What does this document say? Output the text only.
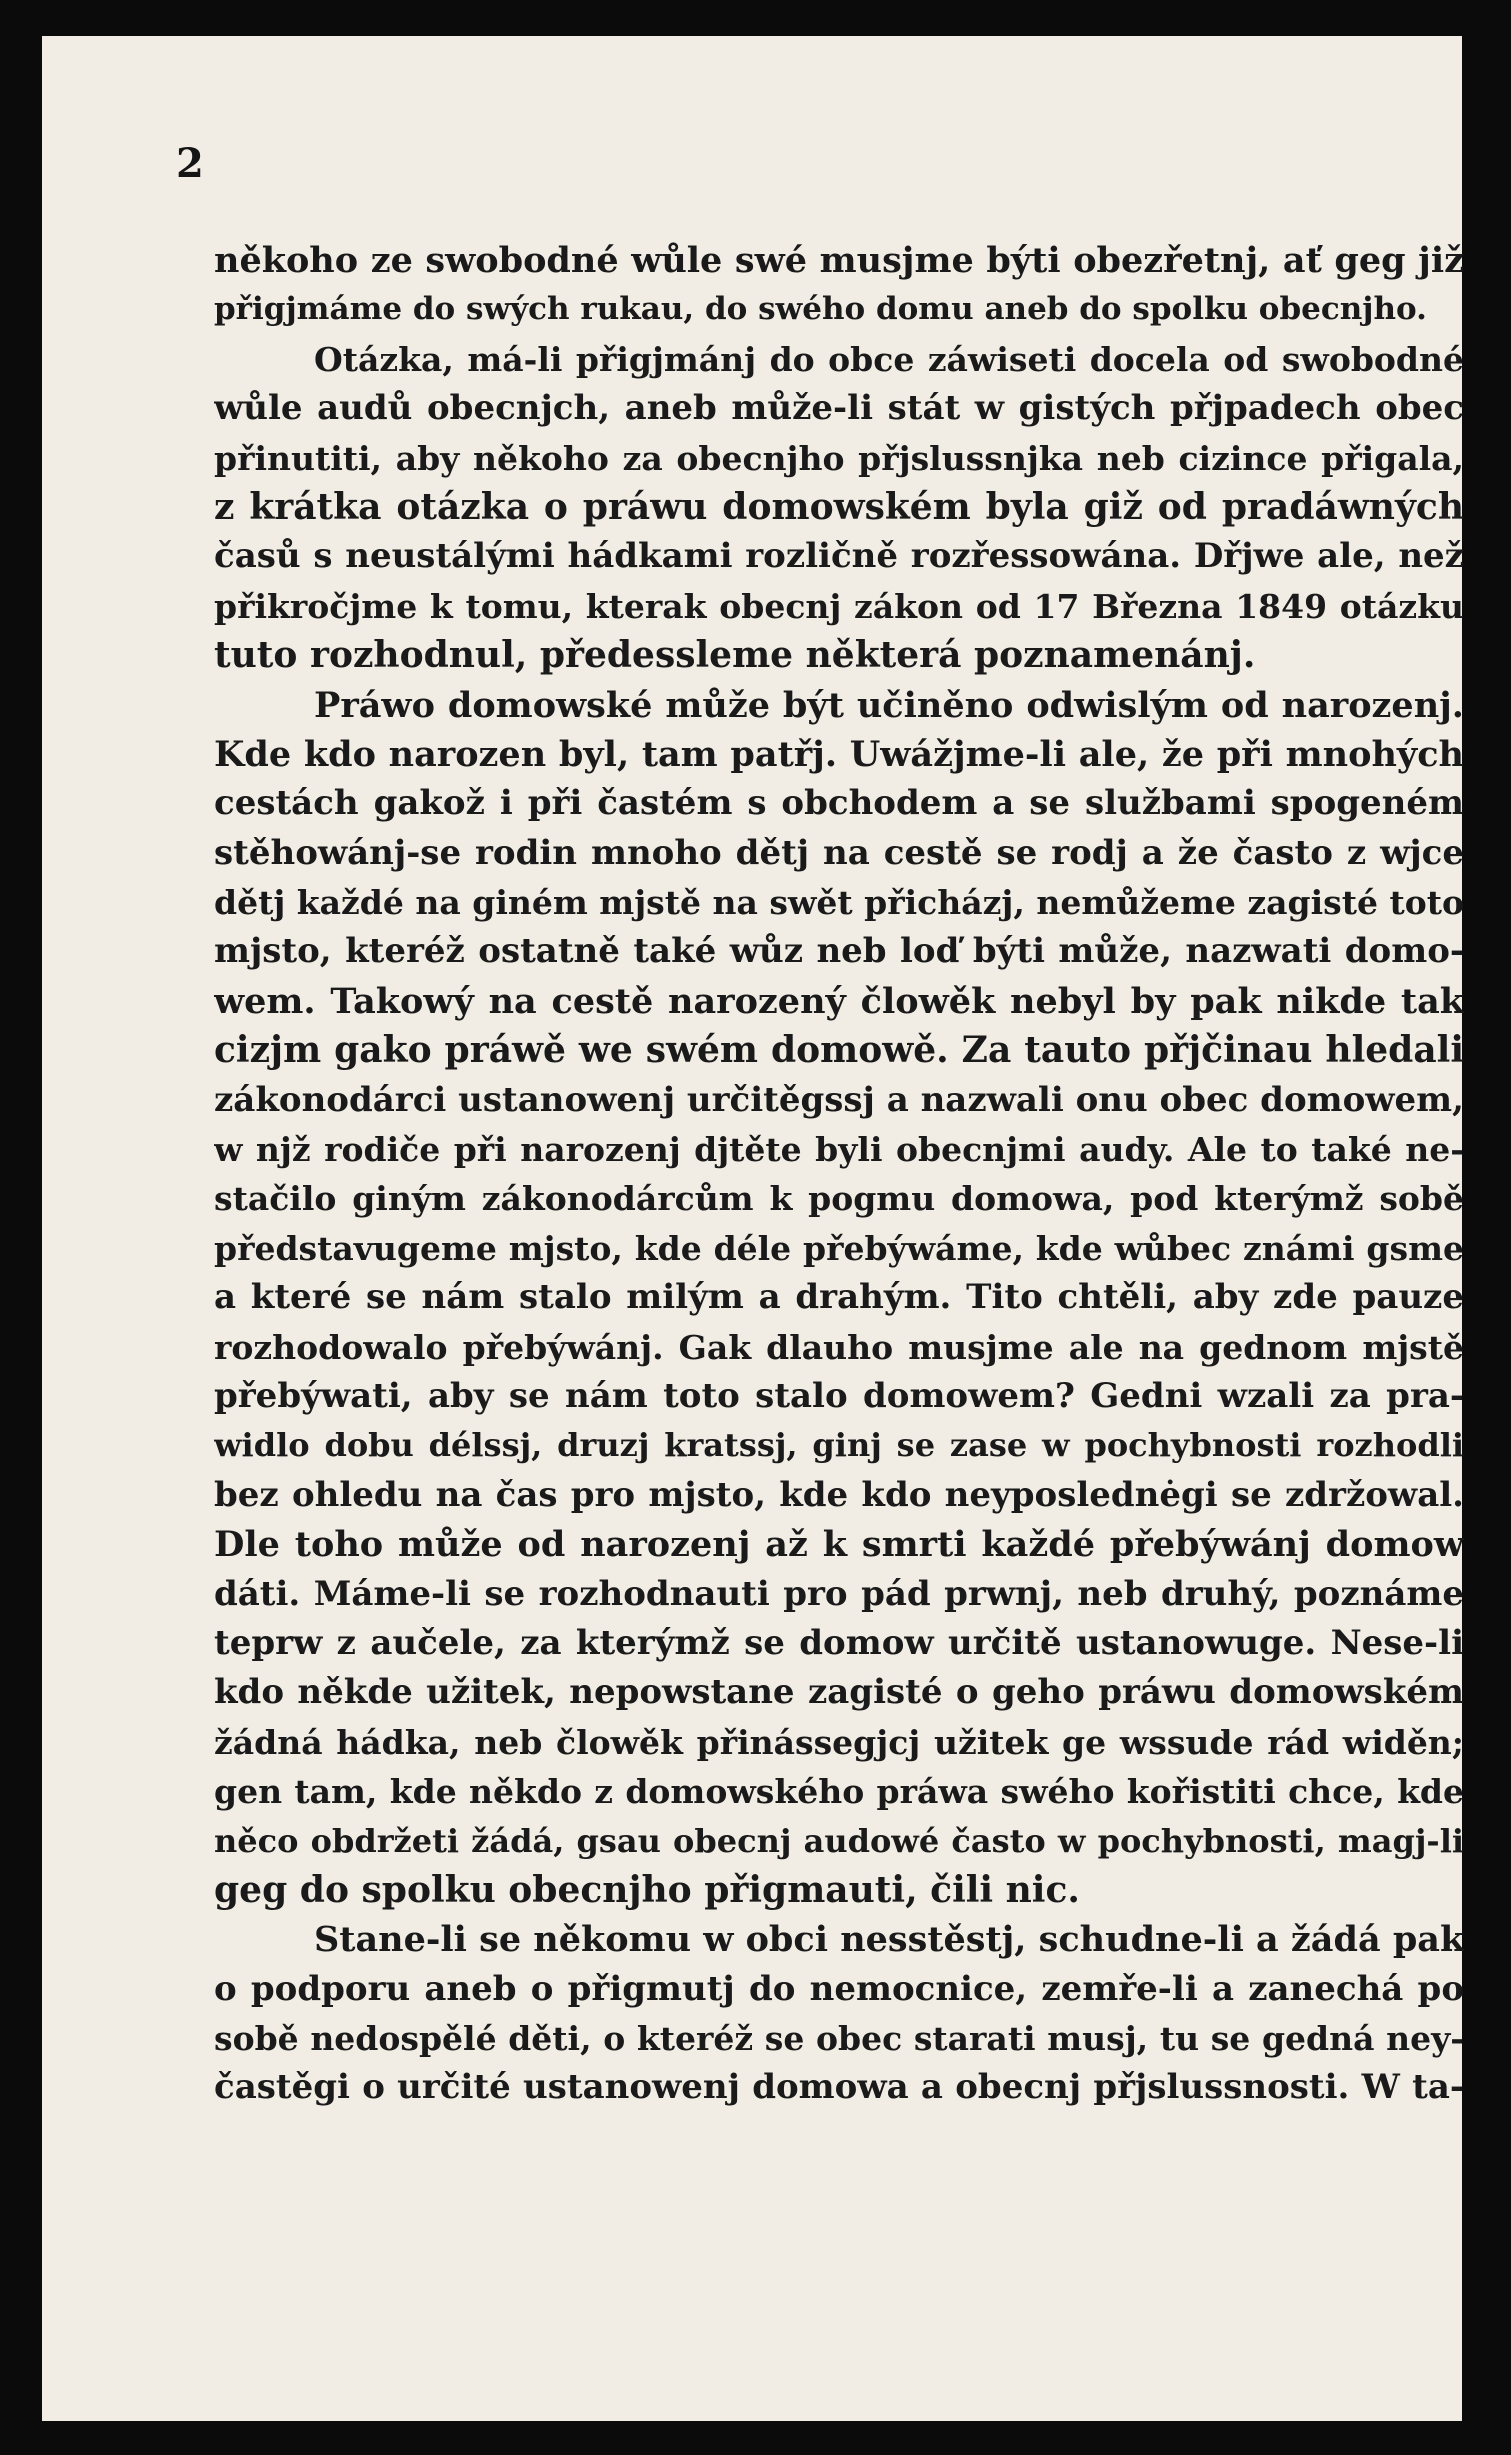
2
někoho ze swobodné wůle swé musjme býti obezřetnj, ať geg již
přigjmáme do swých rukau, do swého domu aneb do spolku obecnjho.
Otázka, má-li přigjmánj do obce záwiseti docela od swobodné
wůle audů obecnjch, aneb může-li stát w gistých přjpadech obec
přinutiti, aby někoho za obecnjho přjslussnjka neb cizince přigala,
z krátka otázka o práwu domowském byla giž od pradáwných
časů s neustálými hádkami rozličně rozřessowána. Dřjwe ale, než
přikročjme k tomu, kterak obecnj zákon od 17 Března 1849 otázku
tuto rozhodnul, předessleme některá poznamenánj.
Práwo domowské může být učiněno odwislým od narozenj.
Kde kdo narozen byl, tam patřj. Uwážjme-li ale, že při mnohých
cestách gakož i při častém s obchodem a se službami spogeném
stěhowánj-se rodin mnoho dětj na cestě se rodj a že často z wjce
dětj každé na giném mjstě na swět přicházj, nemůžeme zagisté toto
mjsto, kteréž ostatně také wůz neb loď býti může, nazwati domo-
wem. Takowý na cestě narozený člowěk nebyl by pak nikde tak
cizjm gako práwě we swém domowě. Za tauto přjčinau hledali
zákonodárci ustanowenj určitěgssj a nazwali onu obec domowem,
w njž rodiče při narozenj djtěte byli obecnjmi audy. Ale to také ne-
stačilo giným zákonodárcům k pogmu domowa, pod kterýmž sobě
představugeme mjsto, kde déle přebýwáme, kde wůbec známi gsme
a které se nám stalo milým a drahým. Tito chtěli, aby zde pauze
rozhodowalo přebýwánj. Gak dlauho musjme ale na gednom mjstě
přebýwati, aby se nám toto stalo domowem? Gedni wzali za pra-
widlo dobu délssj, druzj kratssj, ginj se zase w pochybnosti rozhodli
bez ohledu na čas pro mjsto, kde kdo neyposlednėgi se zdržowal.
Dle toho může od narozenj až k smrti každé přebýwánj domow
dáti. Máme-li se rozhodnauti pro pád prwnj, neb druhý, poznáme
teprw z aučele, za kterýmž se domow určitě ustanowuge. Nese-li
kdo někde užitek, nepowstane zagisté o geho práwu domowském
žádná hádka, neb člowěk přinássegjcj užitek ge wssude rád widěn;
gen tam, kde někdo z domowského práwa swého kořistiti chce, kde
něco obdržeti žádá, gsau obecnj audowé často w pochybnosti, magj-li
geg do spolku obecnjho přigmauti, čili nic.
Stane-li se někomu w obci nesstěstj, schudne-li a žádá pak
o podporu aneb o přigmutj do nemocnice, zemře-li a zanechá po
sobě nedospělé děti, o kteréž se obec starati musj, tu se gedná ney-
častěgi o určité ustanowenj domowa a obecnj přjslussnosti. W ta-
